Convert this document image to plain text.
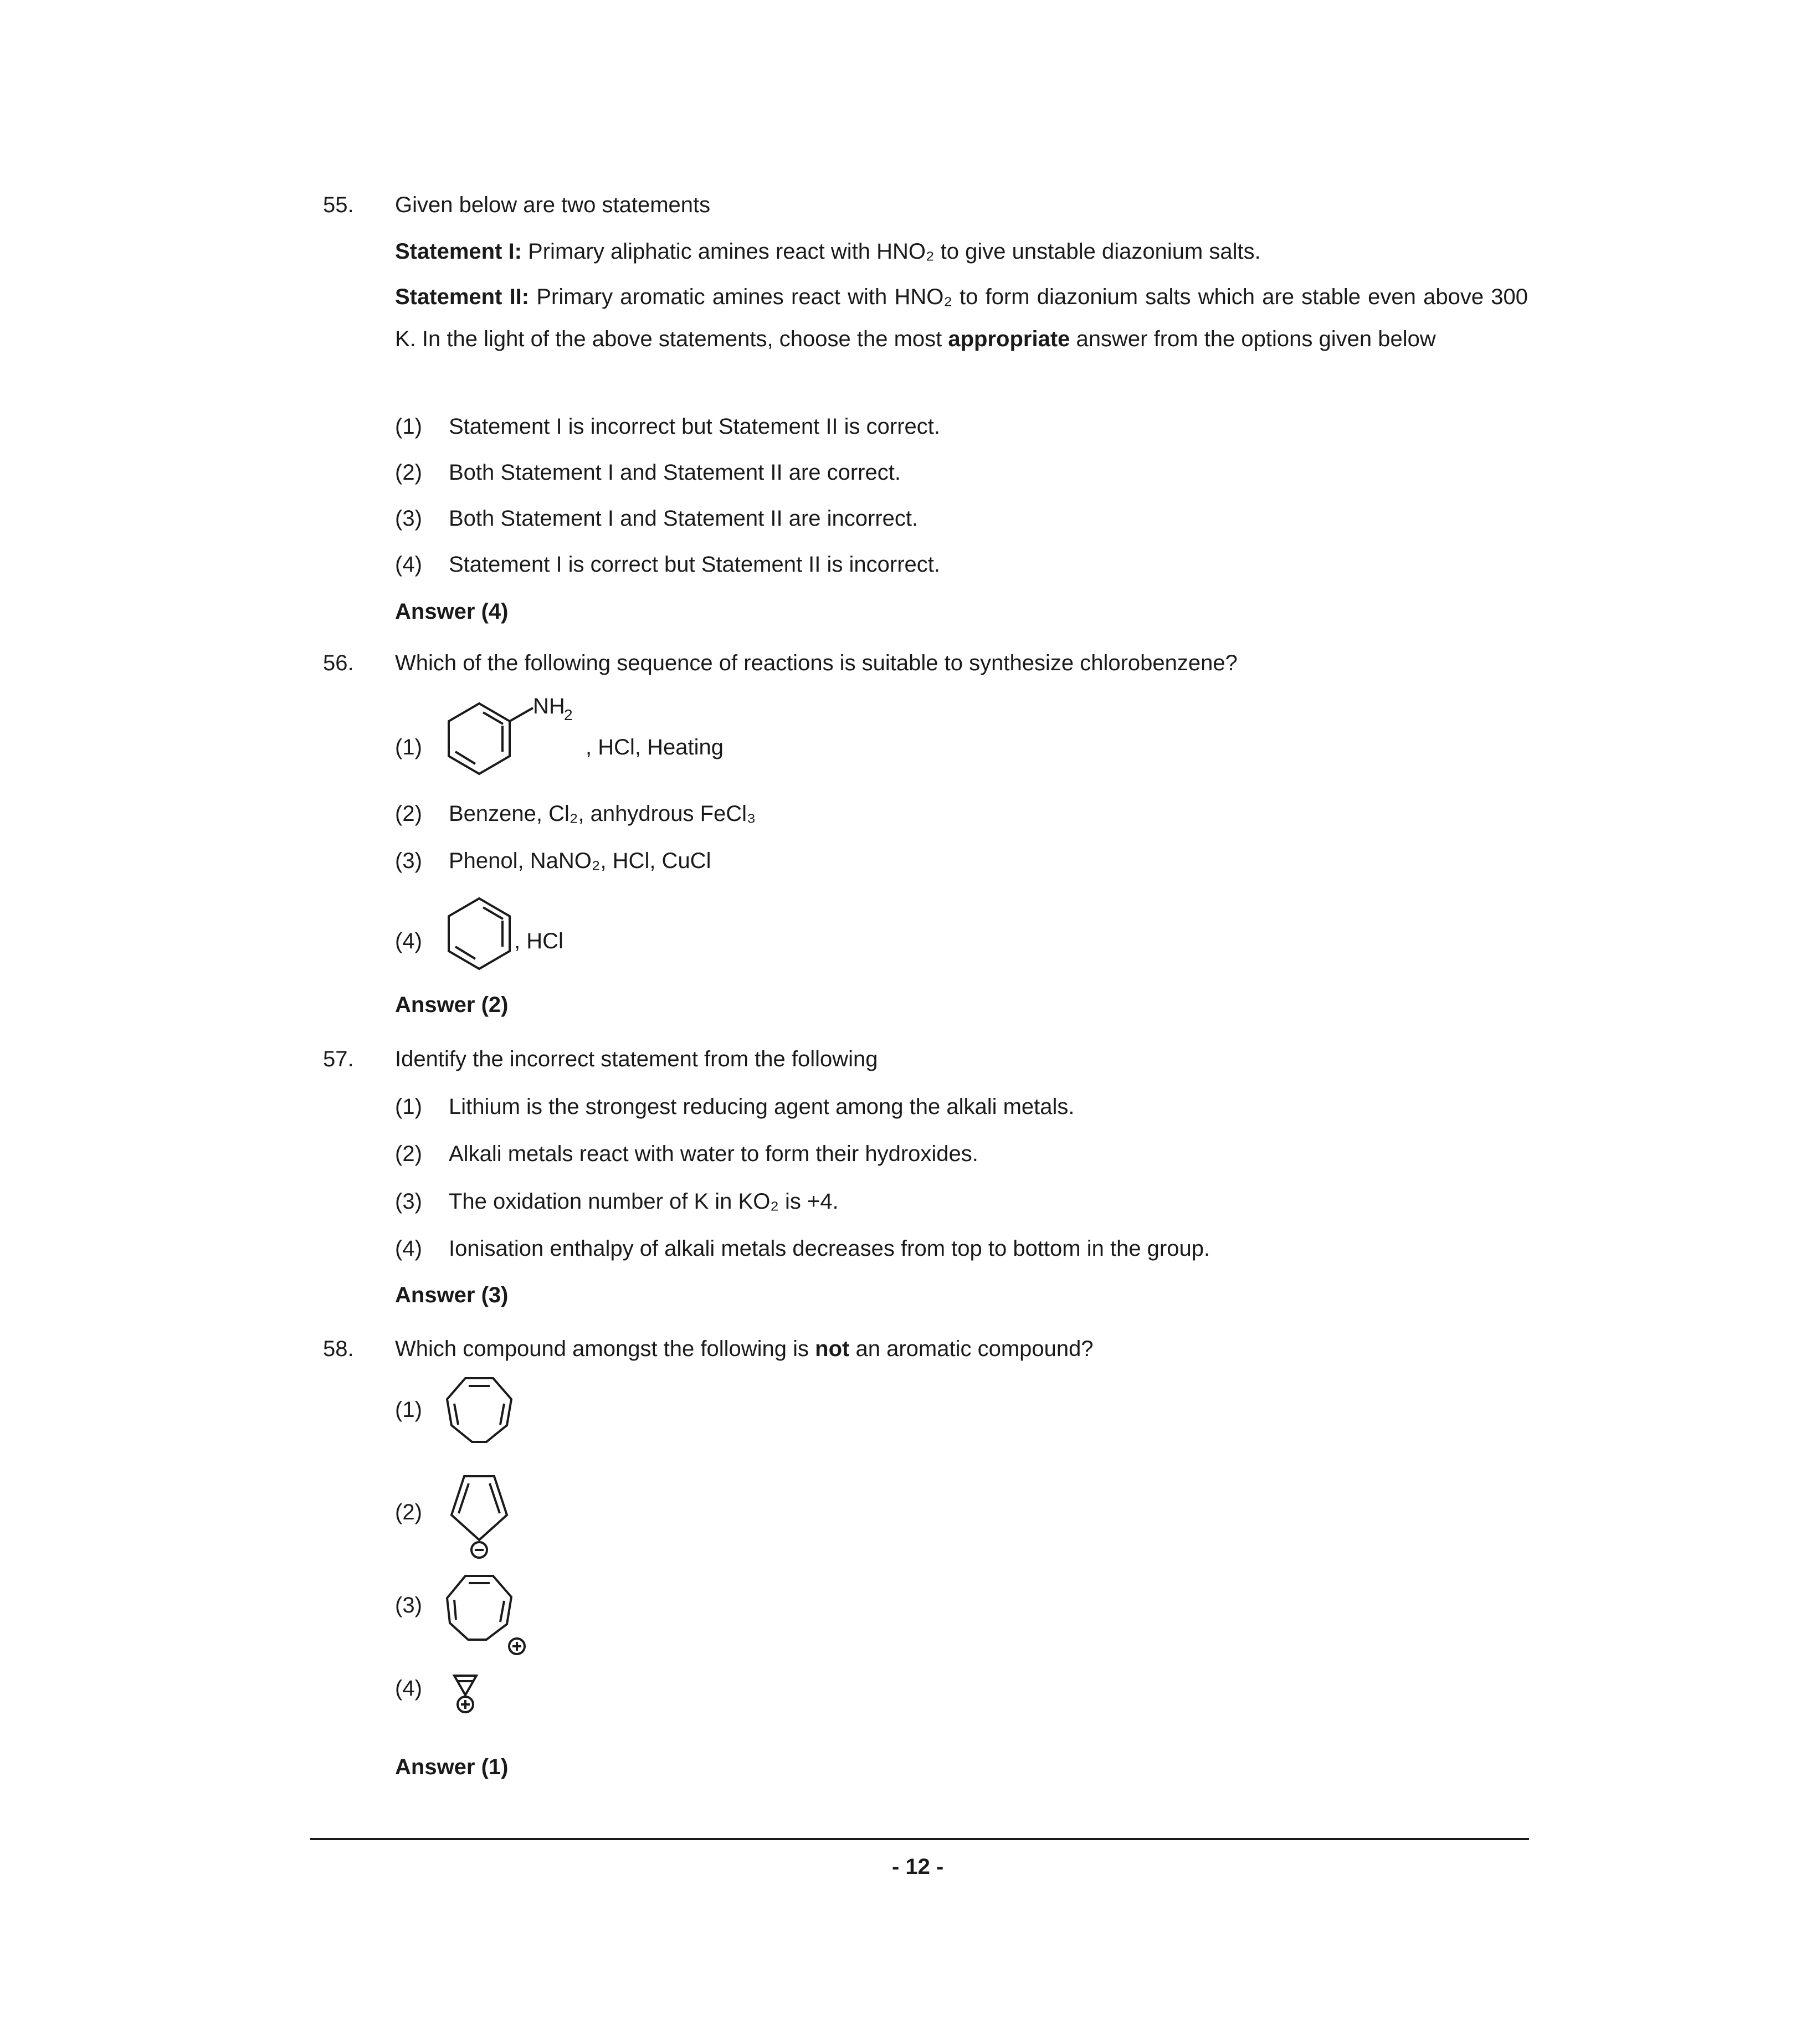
55. Given below are two statements
Statement I: Primary aliphatic amines react with HNO₂ to give unstable diazonium salts.
Statement II: Primary aromatic amines react with HNO₂ to form diazonium salts which are stable even above 300 K. In the light of the above statements, choose the most appropriate answer from the options given below
(1) Statement I is incorrect but Statement II is correct.
(2) Both Statement I and Statement II are correct.
(3) Both Statement I and Statement II are incorrect.
(4) Statement I is correct but Statement II is incorrect.
Answer (4)
56. Which of the following sequence of reactions is suitable to synthesize chlorobenzene?
(1)
NH
2
, HCl, Heating
(2) Benzene, Cl₂, anhydrous FeCl₃
(3) Phenol, NaNO₂, HCl, CuCl
(4)	, HCl
Answer (2)
57. Identify the incorrect statement from the following
(1) Lithium is the strongest reducing agent among the alkali metals.
(2) Alkali metals react with water to form their hydroxides.
(3) The oxidation number of K in KO₂ is +4.
(4) Ionisation enthalpy of alkali metals decreases from top to bottom in the group.
Answer (3)
58. Which compound amongst the following is not an aromatic compound?
(1)
(2)
(3)
(4)
Answer (1)
- 12 -
